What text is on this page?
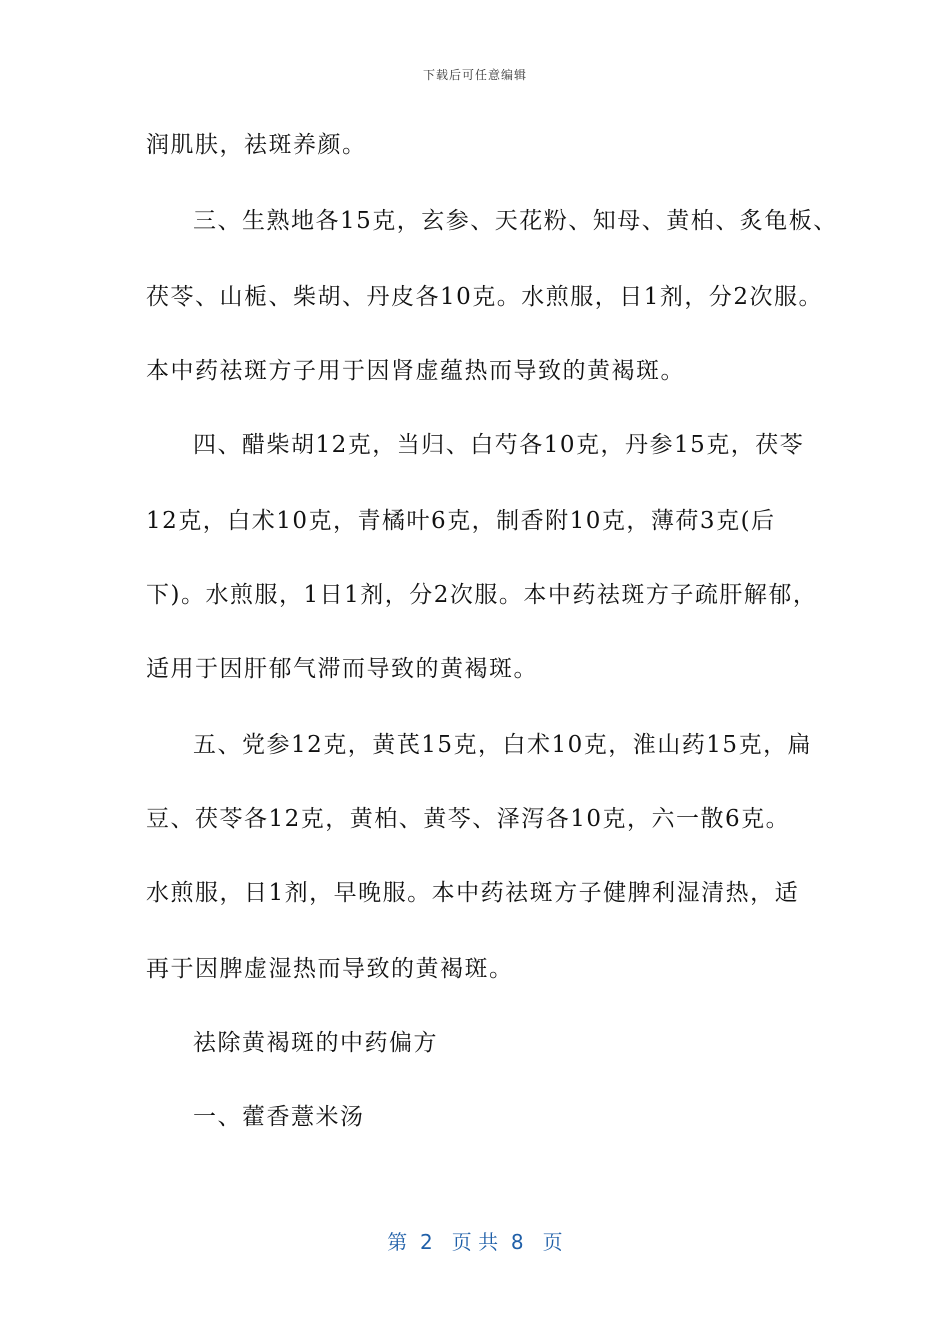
下载后可任意编辑
润肌肤，祛斑养颜。
三、生熟地各15克，玄参、天花粉、知母、黄柏、炙龟板、
茯苓、山栀、柴胡、丹皮各10克。水煎服，日1剂，分2次服。
本中药祛斑方子用于因肾虚蕴热而导致的黄褐斑。
四、醋柴胡12克，当归、白芍各10克，丹参15克，茯苓
12克，白术10克，青橘叶6克，制香附10克，薄荷3克(后
下)。水煎服，1日1剂，分2次服。本中药祛斑方子疏肝解郁，
适用于因肝郁气滞而导致的黄褐斑。
五、党参12克，黄芪15克，白术10克，淮山药15克，扁
豆、茯苓各12克，黄柏、黄芩、泽泻各10克，六一散6克。
水煎服，日1剂，早晚服。本中药祛斑方子健脾利湿清热，适
再于因脾虚湿热而导致的黄褐斑。
祛除黄褐斑的中药偏方
一、藿香薏米汤
第  2   页 共  8   页
